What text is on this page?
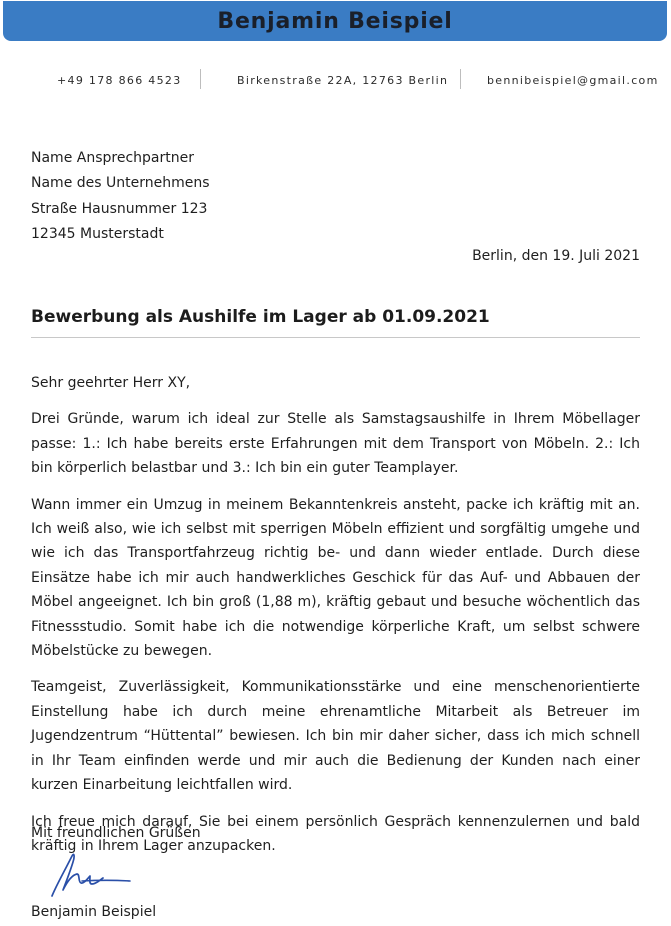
Benjamin Beispiel
+49 178 866 4523	Birkenstraße 22A, 12763 Berlin	bennibeispiel@gmail.com
Name Ansprechpartner
Name des Unternehmens
Straße Hausnummer 123
12345 Musterstadt
Berlin, den 19. Juli 2021
Bewerbung als Aushilfe im Lager ab 01.09.2021

Sehr geehrter Herr XY,

Drei Gründe, warum ich ideal zur Stelle als Samstagsaushilfe in Ihrem Möbellager passe: 1.: Ich habe bereits erste Erfahrungen mit dem Transport von Möbeln. 2.: Ich bin körperlich belastbar und 3.: Ich bin ein guter Teamplayer.

Wann immer ein Umzug in meinem Bekanntenkreis ansteht, packe ich kräftig mit an. Ich weiß also, wie ich selbst mit sperrigen Möbeln effizient und sorgfältig umgehe und wie ich das Transportfahrzeug richtig be- und dann wieder entlade. Durch diese Einsätze habe ich mir auch handwerkliches Geschick für das Auf- und Abbauen der Möbel angeeignet. Ich bin groß (1,88 m), kräftig gebaut und besuche wöchentlich das Fitnessstudio. Somit habe ich die notwendige körperliche Kraft, um selbst schwere Möbelstücke zu bewegen.

Teamgeist, Zuverlässigkeit, Kommunikationsstärke und eine menschenorientierte Einstellung habe ich durch meine ehrenamtliche Mitarbeit als Betreuer im Jugendzentrum “Hüttental” bewiesen. Ich bin mir daher sicher, dass ich mich schnell in Ihr Team einfinden werde und mir auch die Bedienung der Kunden nach einer kurzen Einarbeitung leichtfallen wird.

Ich freue mich darauf, Sie bei einem persönlich Gespräch kennenzulernen und bald kräftig in Ihrem Lager anzupacken.

Mit freundlichen Grüßen
Benjamin Beispiel
